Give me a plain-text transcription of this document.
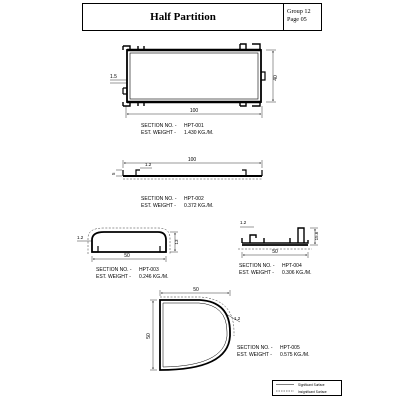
Half Partition	Group 12
Page 05
100
40
1.5
100
1.2
5
50
13
1.2
50
15.6
1.2
50
50
1.2
SECTION NO. - HPT-001
EST. WEIGHT - 1.430 KG./M.
SECTION NO. - HPT-002
EST. WEIGHT - 0.372 KG./M.
SECTION NO. - HPT-003
EST. WEIGHT - 0.246 KG./M.
SECTION NO. - HPT-004
EST. WEIGHT - 0.306 KG./M.
SECTION NO. - HPT-005
EST. WEIGHT - 0.575 KG./M.
Significant Surface
Insignificant Surface
